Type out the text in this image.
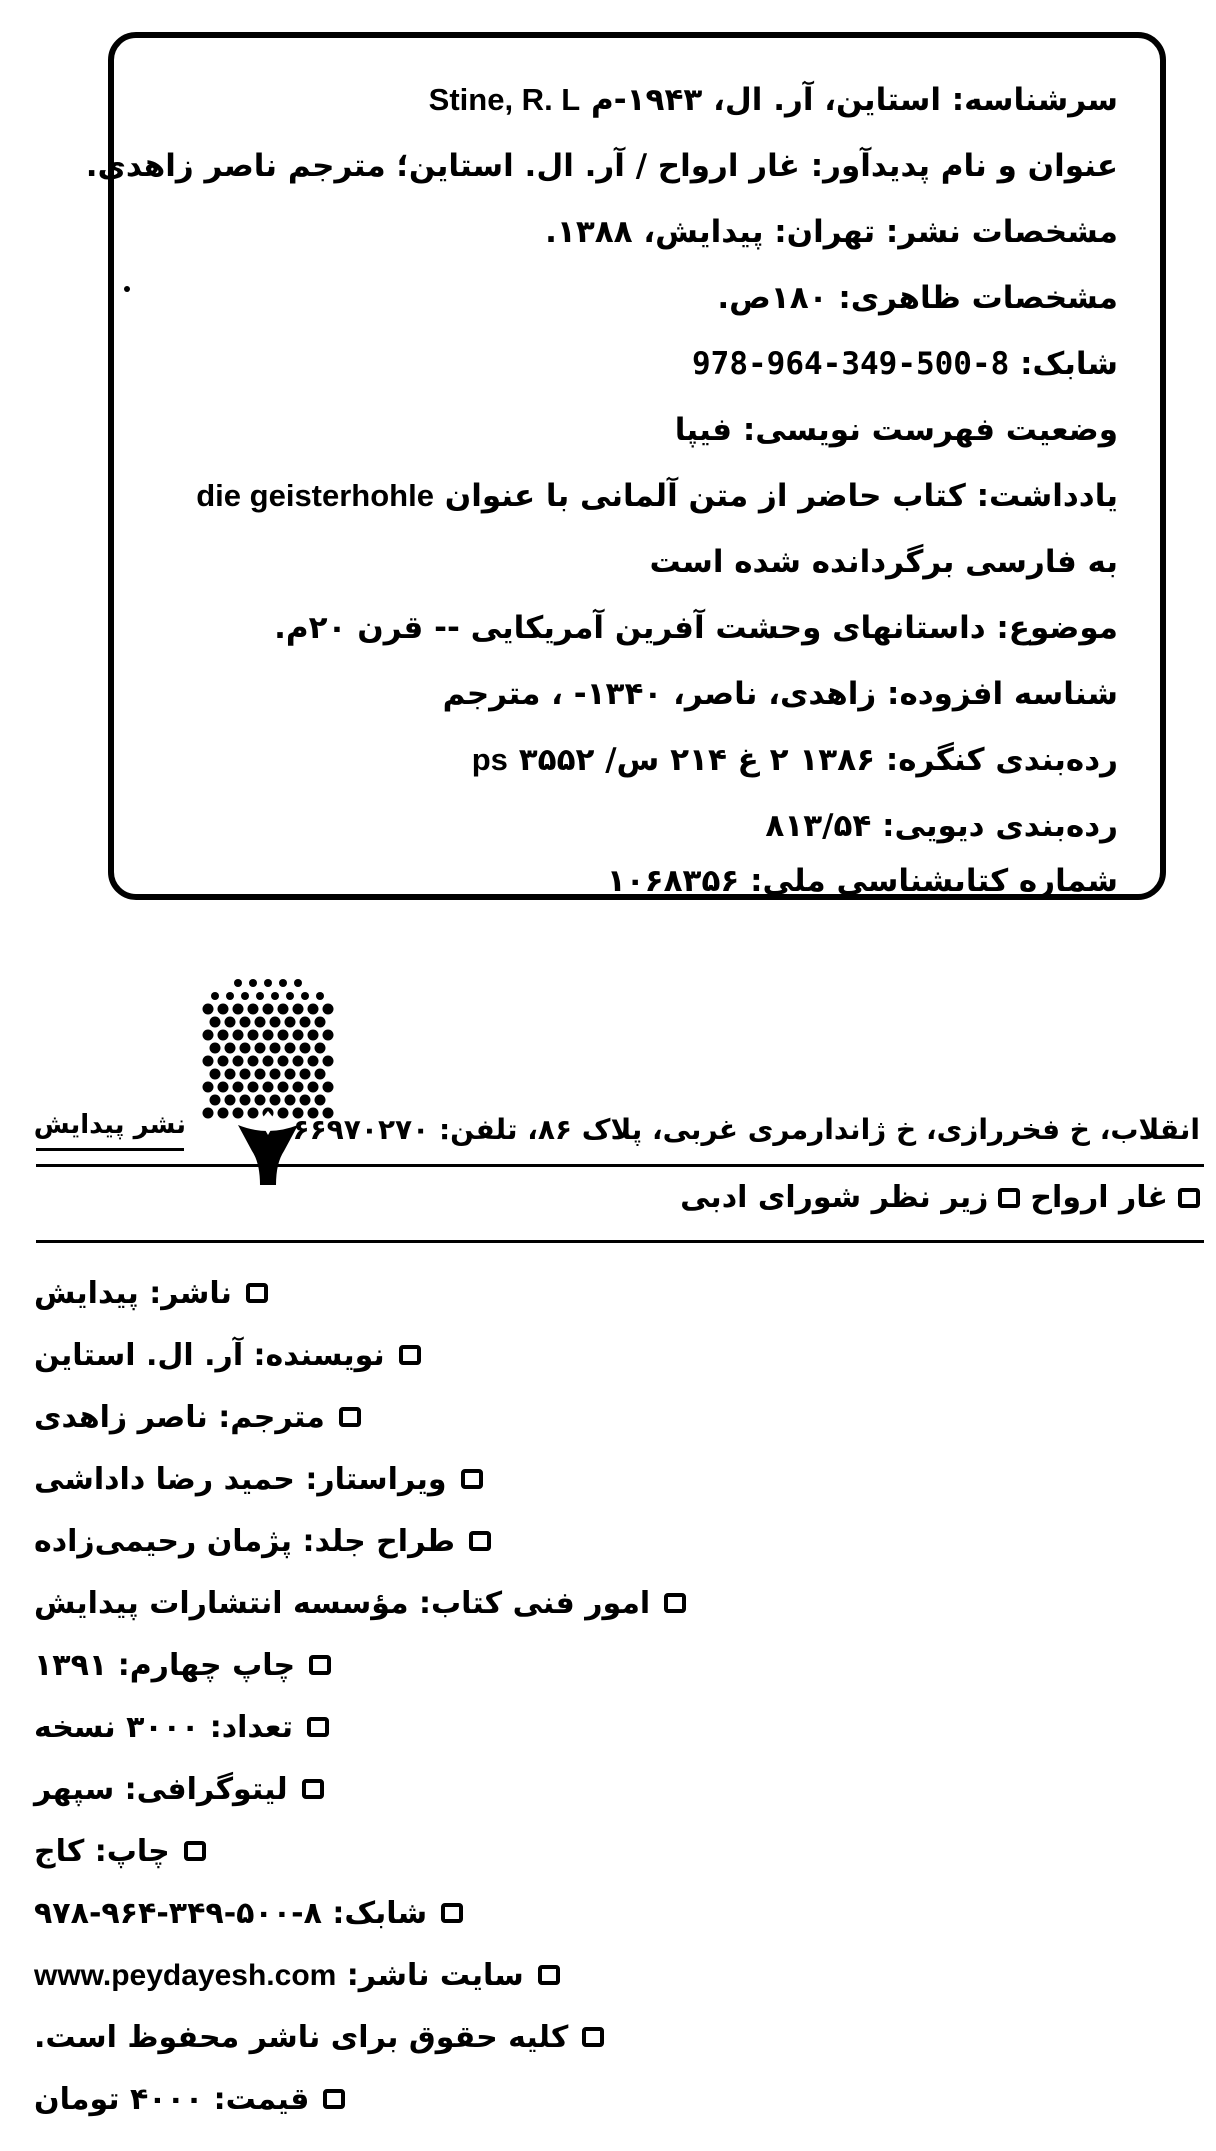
سرشناسه: استاین، آر. ال، ۱۹۴۳-م Stine, R. L
عنوان و نام پدیدآور: غار ارواح / آر. ال. استاین؛ مترجم ناصر زاهدی.
مشخصات نشر: تهران: پیدایش، ۱۳۸۸.
مشخصات ظاهری: ۱۸۰ص.
شابک: 978-964-349-500-8
وضعیت فهرست نویسی: فیپا
یادداشت: کتاب حاضر از متن آلمانی با عنوان die geisterhohle
به فارسی برگردانده شده است
موضوع: داستانهای وحشت آفرین آمریکایی -- قرن ۲۰م.
شناسه افزوده: زاهدی، ناصر، ۱۳۴۰- ، مترجم
رده‌بندی کنگره: ۱۳۸۶ ۲ غ ۲۱۴ س/ ۳۵۵۲ ps
رده‌بندی دیویی: ۸۱۳/۵۴
شماره کتابشناسی ملی: ۱۰۶۸۳۵۶
انقلاب، خ فخررازی، خ ژاندارمری غربی، پلاک ۸۶، تلفن: ۶۶۹۷۰۲۷۰
نشر پیدایش
غار ارواح
زیر نظر شورای ادبی
ناشر: پیدایش
نویسنده: آر. ال. استاین
مترجم: ناصر زاهدی
ویراستار: حمید رضا داداشی
طراح جلد: پژمان رحیمی‌زاده
امور فنی کتاب: مؤسسه انتشارات پیدایش
چاپ چهارم: ۱۳۹۱
تعداد: ۳۰۰۰ نسخه
لیتوگرافی: سپهر
چاپ: کاج
شابک: ۸-۵۰۰-۳۴۹-۹۶۴-۹۷۸
سایت ناشر: www.peydayesh.com
کلیه حقوق برای ناشر محفوظ است.
قیمت: ۴۰۰۰ تومان
